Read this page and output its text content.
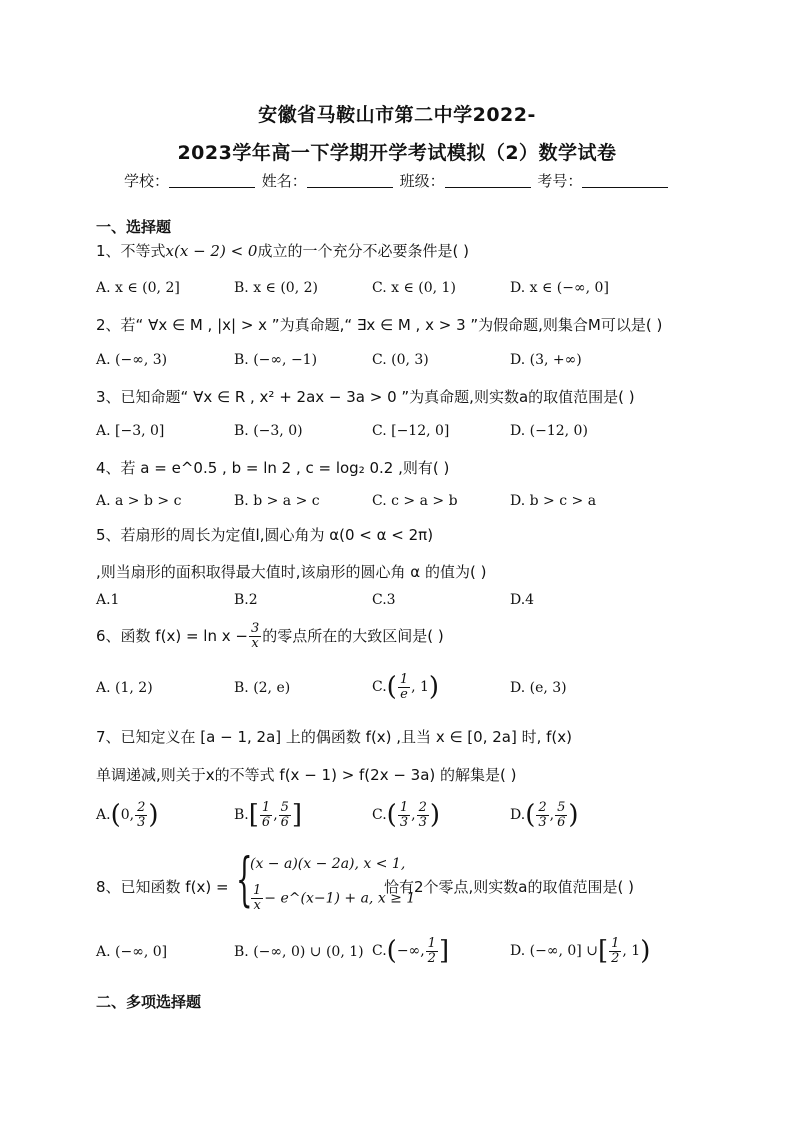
安徽省马鞍山市第二中学2022-
2023学年高一下学期开学考试模拟（2）数学试卷
学校：	姓名：	班级：	考号：
一、选择题
1、不等式x(x − 2) < 0成立的一个充分不必要条件是( )
A. x ∈ (0, 2]	B. x ∈ (0, 2)	C. x ∈ (0, 1)	D. x ∈ (−∞, 0]
2、若“ ∀x ∈ M , |x| > x ”为真命题,“ ∃x ∈ M , x > 3 ”为假命题,则集合M可以是( )
A. (−∞, 3)	B. (−∞, −1)	C. (0, 3)	D. (3, +∞)
3、已知命题“ ∀x ∈ R , x² + 2ax − 3a > 0 ”为真命题,则实数a的取值范围是( )
A. [−3, 0]	B. (−3, 0)	C. [−12, 0]	D. (−12, 0)
4、若 a = e^0.5 , b = ln 2 , c = log₂ 0.2 ,则有( )
A. a > b > c	B. b > a > c	C. c > a > b	D. b > c > a
5、若扇形的周长为定值l,圆心角为 α(0 < α < 2π)
,则当扇形的面积取得最大值时,该扇形的圆心角 α 的值为( )
A.1	B.2	C.3	D.4
6、函数 $f(x) = \ln x - \frac{3}{x}$ 的零点所在的大致区间是( )
A. (1, 2)	B. (2, e)	$C.( \frac{1}{e}$ , 1)	D. (e, 3)
7、已知定义在 [a − 1, 2a] 上的偶函数 f(x) ,且当 x ∈ [0, 2a] 时, f(x)
单调递减,则关于x的不等式 f(x − 1) > f(2x − 3a) 的解集是( )
A.(0, $\frac{2}{3}$ )	$B.[ \frac{1}{6}$ , $\frac{5}{6}$ ]	$C.( \frac{1}{3}$ , $\frac{2}{3}$ )	$D.( \frac{2}{3}$ , $\frac{5}{6}$ )
8、已知函数 f(x) = {
(x − a)(x − 2a), x < 1,
$\frac{1}{x}$ − e^(x−1) + a, x ≥ 1
恰有2个零点,则实数a的取值范围是( )
A. (−∞, 0]	B. (−∞, 0) ∪ (0, 1) C.(−∞, $\frac{1}{2}$ ]	D. (−∞, 0] ∪[ $\frac{1}{2}$ , 1)
二、多项选择题
